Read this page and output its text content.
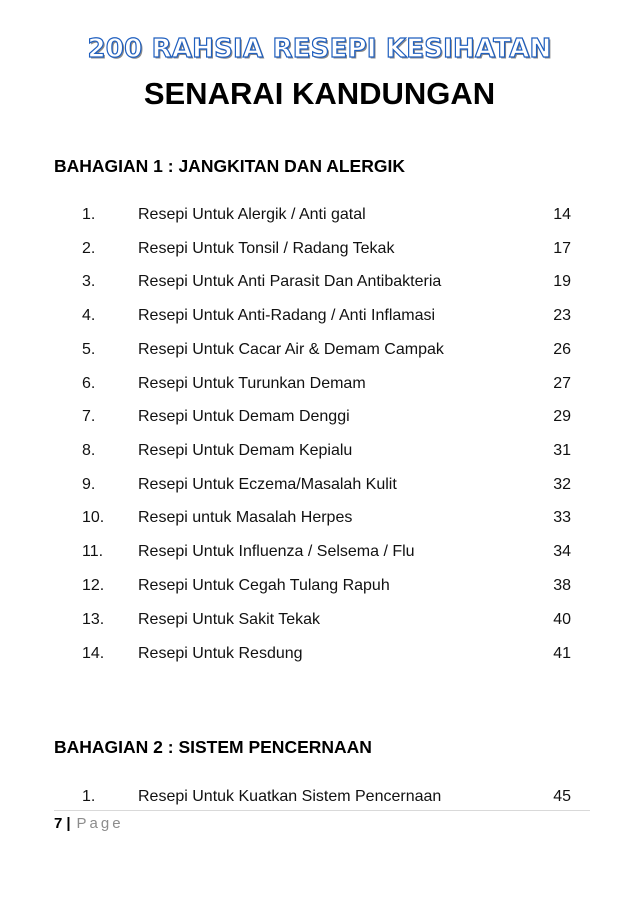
200 RAHSIA RESEPI KESIHATAN
SENARAI KANDUNGAN
BAHAGIAN 1 : JANGKITAN DAN ALERGIK
1.	Resepi Untuk Alergik / Anti gatal	14
2.	Resepi Untuk Tonsil / Radang Tekak	17
3.	Resepi Untuk Anti Parasit Dan Antibakteria	19
4.	Resepi Untuk Anti-Radang / Anti Inflamasi	23
5.	Resepi Untuk Cacar Air & Demam Campak	26
6.	Resepi Untuk Turunkan Demam	27
7.	Resepi Untuk Demam Denggi	29
8.	Resepi Untuk Demam Kepialu	31
9.	Resepi Untuk Eczema/Masalah Kulit	32
10. Resepi untuk Masalah Herpes	33
11. Resepi Untuk Influenza / Selsema / Flu	34
12. Resepi Untuk Cegah Tulang Rapuh	38
13. Resepi Untuk Sakit Tekak	40
14. Resepi Untuk Resdung	41
BAHAGIAN 2 : SISTEM PENCERNAAN
1.	Resepi Untuk Kuatkan Sistem Pencernaan	45
7 | Page
